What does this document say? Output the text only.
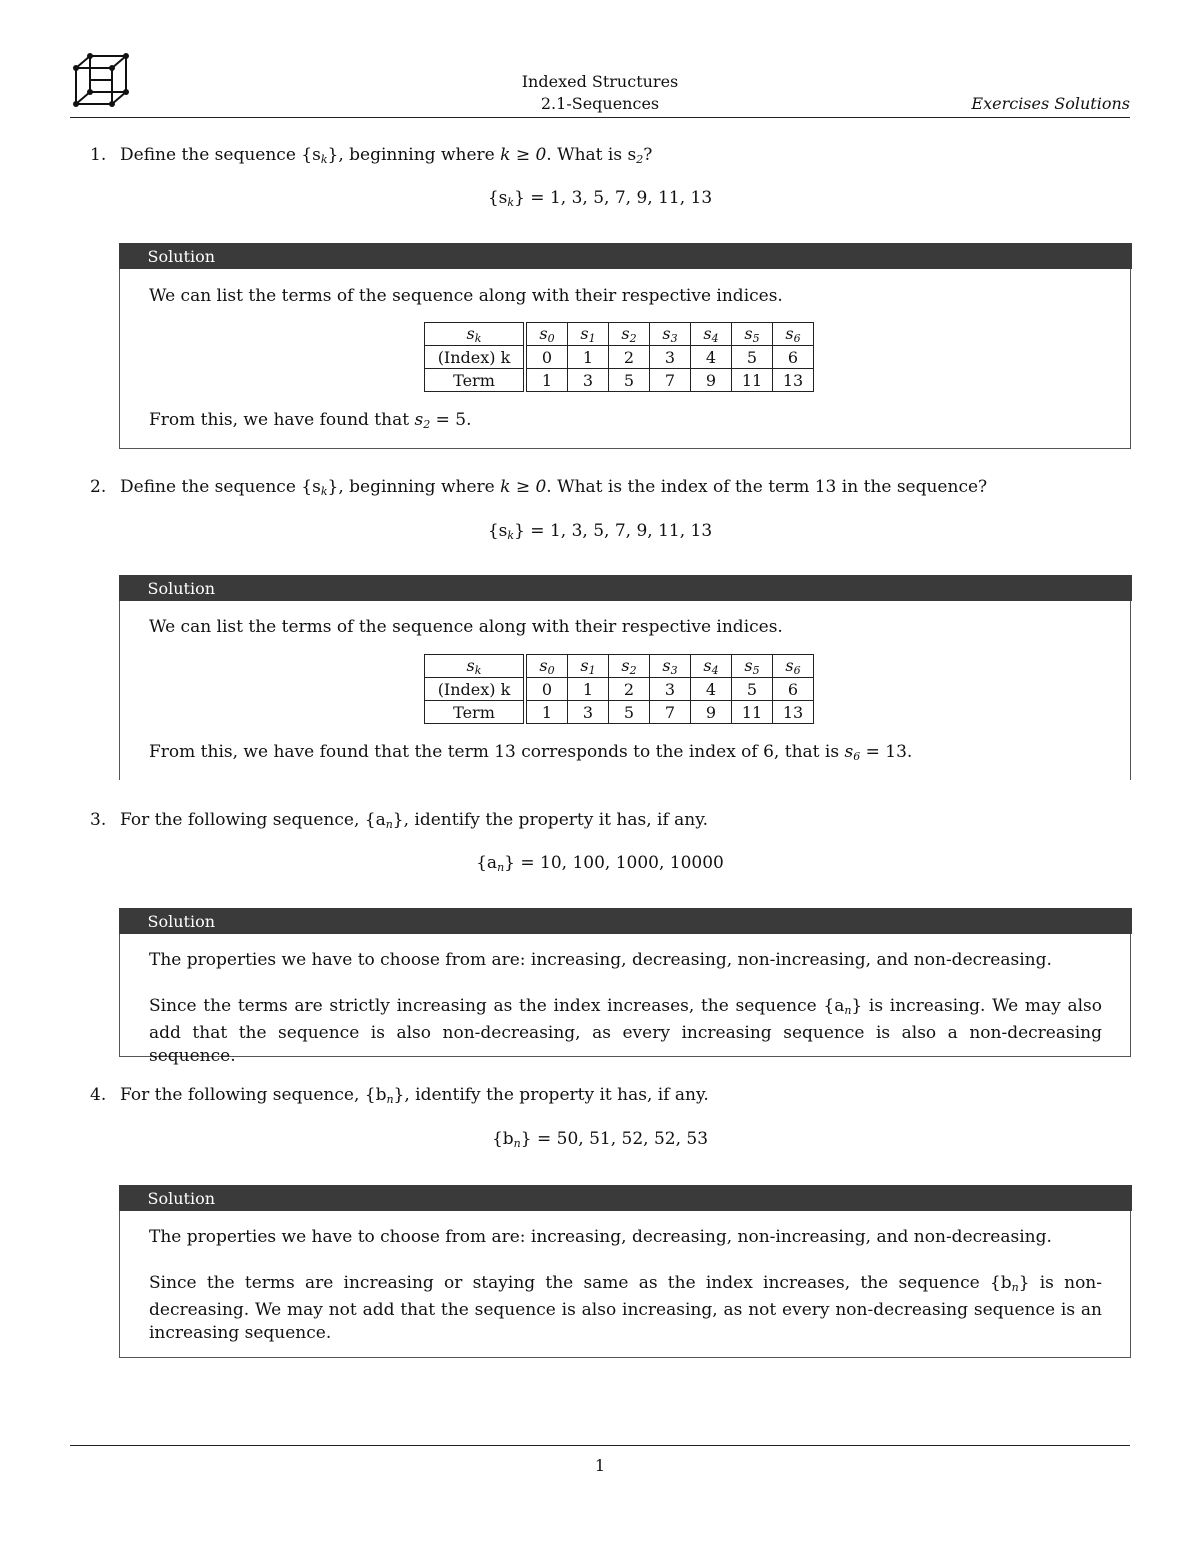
Indexed Structures
2.1-Sequences	Exercises Solutions
1. Define the sequence $\{s_k\}$, beginning where k ≥ 0. What is $s_2$?
$\{s_k\} = 1$, 3, 5, 7, 9, 11, 13
Solution

We can list the terms of the sequence along with their respective indices.

$s_k$	$s_0$	$s_1$	$s_2$	$s_3$	$s_4$	$s_5$	$s_6$
(Index) k	0	1	2	3	4	5	6
Term	1	3	5	7	9	11	13

From this, we have found that $s_2 = 5$.

2. Define the sequence $\{s_k\}$, beginning where k ≥ 0. What is the index of the term 13 in the sequence?
$\{s_k\} = 1$, 3, 5, 7, 9, 11, 13
Solution

We can list the terms of the sequence along with their respective indices.

$s_k$	$s_0$	$s_1$	$s_2$	$s_3$	$s_4$	$s_5$	$s_6$
(Index) k	0	1	2	3	4	5	6
Term	1	3	5	7	9	11	13

From this, we have found that the term 13 corresponds to the index of 6, that is $s_6 = 13$.

3. For the following sequence, $\{a_n\}$, identify the property it has, if any.
$\{a_n\} = 10$, 100, 1000, 10000
Solution

The properties we have to choose from are: increasing, decreasing, non-increasing, and non-decreasing.

Since the terms are strictly increasing as the index increases, the sequence $\{a_n\}$ is increasing. We may also add that the sequence is also non-decreasing, as every increasing sequence is also a non-decreasing sequence.

4. For the following sequence, $\{b_n\}$, identify the property it has, if any.
$\{b_n\} = 50$, 51, 52, 52, 53
Solution

The properties we have to choose from are: increasing, decreasing, non-increasing, and non-decreasing.

Since the terms are increasing or staying the same as the index increases, the sequence $\{b_n\}$ is non-decreasing. We may not add that the sequence is also increasing, as not every non-decreasing sequence is an increasing sequence.

1
